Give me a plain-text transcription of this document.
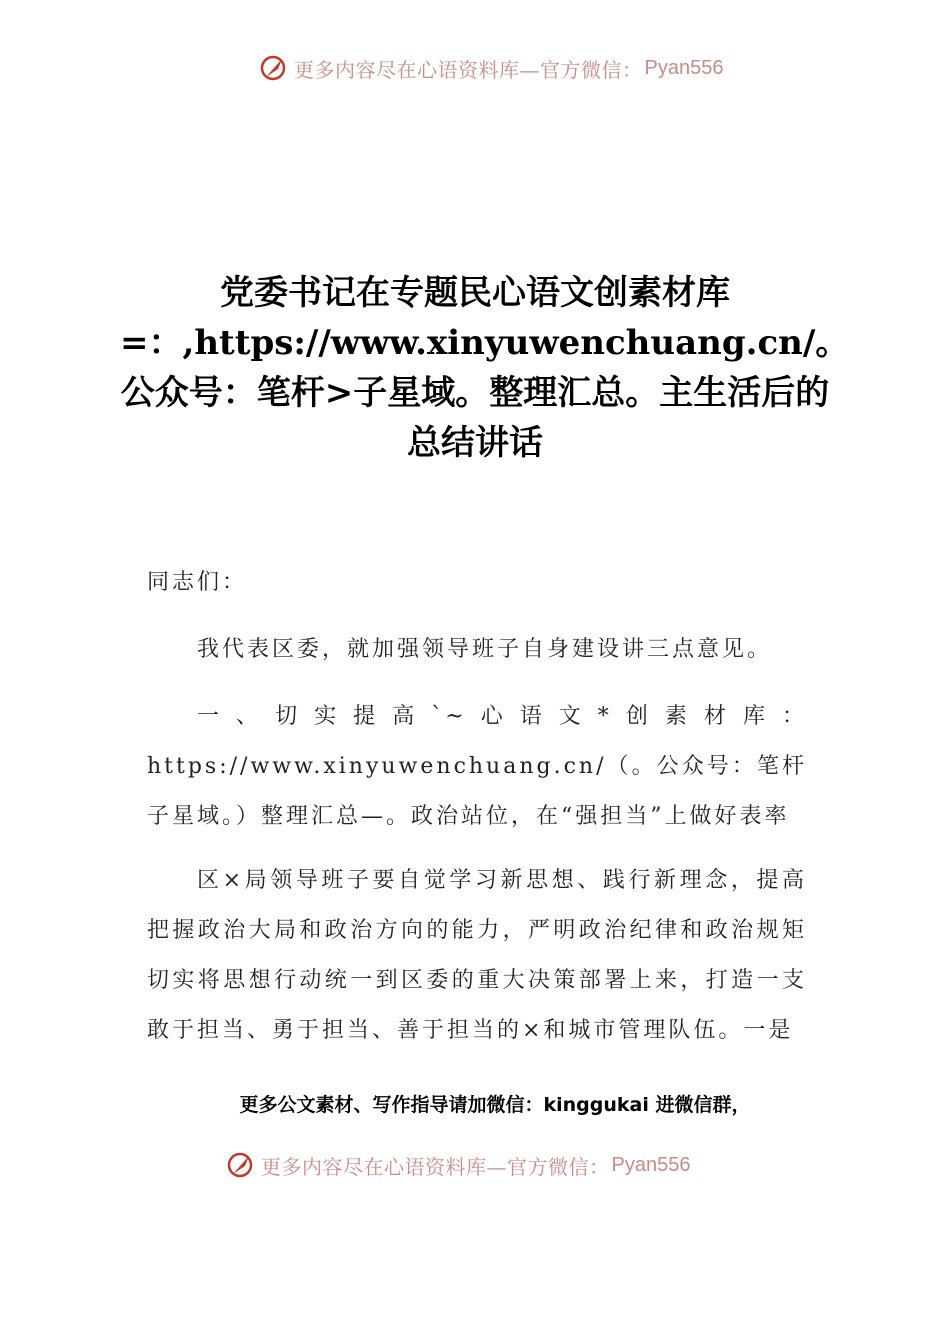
更多内容尽在心语资料库—官方微信： Pyan556
党委书记在专题民心语文创素材库=：,https://www.xinyuwenchuang.cn/。公众号：笔杆>子星域。整理汇总。主生活后的总结讲话
同志们：
我代表区委，就加强领导班子自身建设讲三点意见。
一、切实提高`~心语文*创素材库：https://www.xinyuwenchuang.cn/（。公众号：笔杆子星域。）整理汇总—。政治站位，在“强担当”上做好表率
区×局领导班子要自觉学习新思想、践行新理念，提高把握政治大局和政治方向的能力，严明政治纪律和政治规矩切实将思想行动统一到区委的重大决策部署上来，打造一支敢于担当、勇于担当、善于担当的×和城市管理队伍。一是
更多公文素材、写作指导请加微信：kinggukai 进微信群，
更多内容尽在心语资料库—官方微信： Pyan556
